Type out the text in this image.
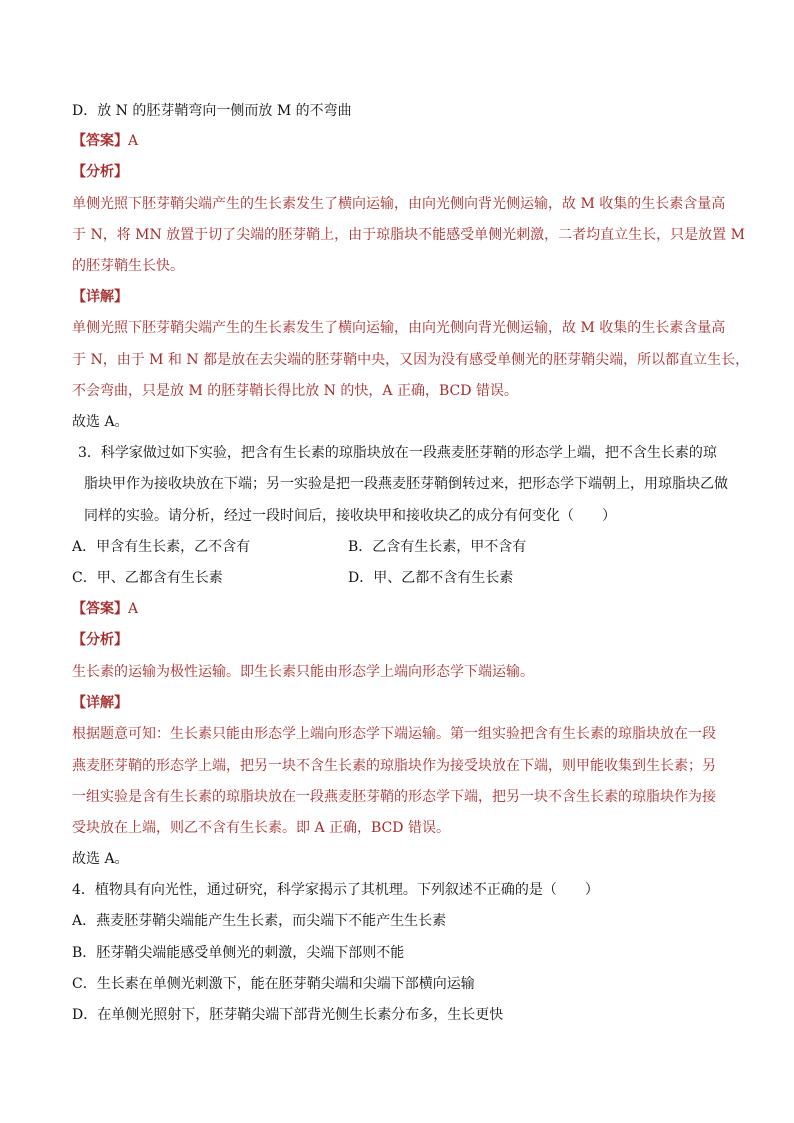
D．放 N 的胚芽鞘弯向一侧而放 M 的不弯曲
【答案】A
【分析】
单侧光照下胚芽鞘尖端产生的生长素发生了横向运输，由向光侧向背光侧运输，故 M 收集的生长素含量高
于 N，将 MN 放置于切了尖端的胚芽鞘上，由于琼脂块不能感受单侧光刺激，二者均直立生长，只是放置 M
的胚芽鞘生长快。
【详解】
单侧光照下胚芽鞘尖端产生的生长素发生了横向运输，由向光侧向背光侧运输，故 M 收集的生长素含量高
于 N，由于 M 和 N 都是放在去尖端的胚芽鞘中央，又因为没有感受单侧光的胚芽鞘尖端，所以都直立生长，
不会弯曲，只是放 M 的胚芽鞘长得比放 N 的快，A 正确，BCD 错误。
故选 A。
3．科学家做过如下实验，把含有生长素的琼脂块放在一段燕麦胚芽鞘的形态学上端，把不含生长素的琼
脂块甲作为接收块放在下端；另一实验是把一段燕麦胚芽鞘倒转过来，把形态学下端朝上，用琼脂块乙做
同样的实验。请分析，经过一段时间后，接收块甲和接收块乙的成分有何变化（　　）
A．甲含有生长素，乙不含有	B．乙含有生长素，甲不含有
C．甲、乙都含有生长素	D．甲、乙都不含有生长素
【答案】A
【分析】
生长素的运输为极性运输。即生长素只能由形态学上端向形态学下端运输。
【详解】
根据题意可知：生长素只能由形态学上端向形态学下端运输。第一组实验把含有生长素的琼脂块放在一段
燕麦胚芽鞘的形态学上端，把另一块不含生长素的琼脂块作为接受块放在下端，则甲能收集到生长素；另
一组实验是含有生长素的琼脂块放在一段燕麦胚芽鞘的形态学下端，把另一块不含生长素的琼脂块作为接
受块放在上端，则乙不含有生长素。即 A 正确，BCD 错误。
故选 A。
4．植物具有向光性，通过研究，科学家揭示了其机理。下列叙述不正确的是（　　）
A．燕麦胚芽鞘尖端能产生生长素，而尖端下不能产生生长素
B．胚芽鞘尖端能感受单侧光的刺激，尖端下部则不能
C．生长素在单侧光刺激下，能在胚芽鞘尖端和尖端下部横向运输
D．在单侧光照射下，胚芽鞘尖端下部背光侧生长素分布多，生长更快
